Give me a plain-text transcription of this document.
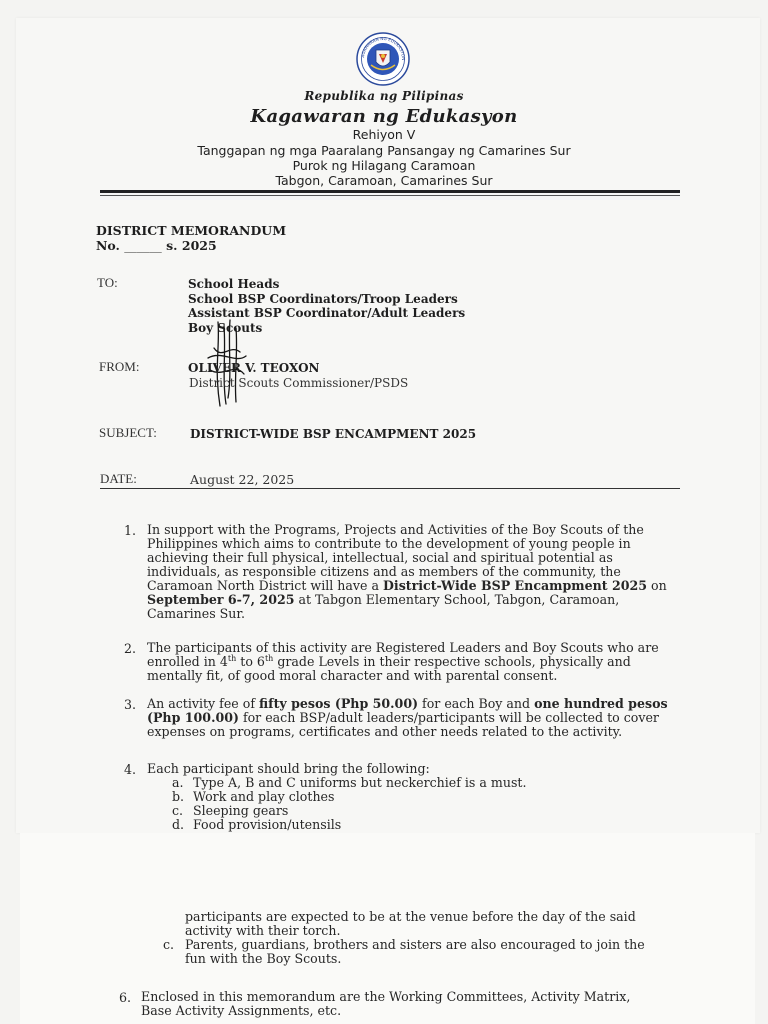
AGAWARAN NG EDUKASYON
Republika ng Pilipinas
Kagawaran ng Edukasyon
Rehiyon V
Tanggapan ng mga Paaralang Pansangay ng Camarines Sur
Purok ng Hilagang Caramoan
Tabgon, Caramoan, Camarines Sur
DISTRICT MEMORANDUM
No. ______ s. 2025
TO:	School Heads
School BSP Coordinators/Troop Leaders
Assistant BSP Coordinator/Adult Leaders
Boy Scouts
FROM:	OLIVER V. TEOXON
District Scouts Commissioner/PSDS
SUBJECT:	DISTRICT-WIDE BSP ENCAMPMENT 2025
DATE:	August 22, 2025
1. In support with the Programs, Projects and Activities of the Boy Scouts of the
Philippines which aims to contribute to the development of young people in
achieving their full physical, intellectual, social and spiritual potential as
individuals, as responsible citizens and as members of the community, the
Caramoan North District will have a District-Wide BSP Encampment 2025 on
September 6-7, 2025 at Tabgon Elementary School, Tabgon, Caramoan,
Camarines Sur.
2. The participants of this activity are Registered Leaders and Boy Scouts who are
enrolled in 4th to 6th grade Levels in their respective schools, physically and
mentally fit, of good moral character and with parental consent.
3. An activity fee of fifty pesos (Php 50.00) for each Boy and one hundred pesos
(Php 100.00) for each BSP/adult leaders/participants will be collected to cover
expenses on programs, certificates and other needs related to the activity.
4. Each participant should bring the following:
a. Type A, B and C uniforms but neckerchief is a must.
b. Work and play clothes
c. Sleeping gears
d. Food provision/utensils
participants are expected to be at the venue before the day of the said
activity with their torch.
c. Parents, guardians, brothers and sisters are also encouraged to join the
fun with the Boy Scouts.
6. Enclosed in this memorandum are the Working Committees, Activity Matrix,
Base Activity Assignments, etc.
